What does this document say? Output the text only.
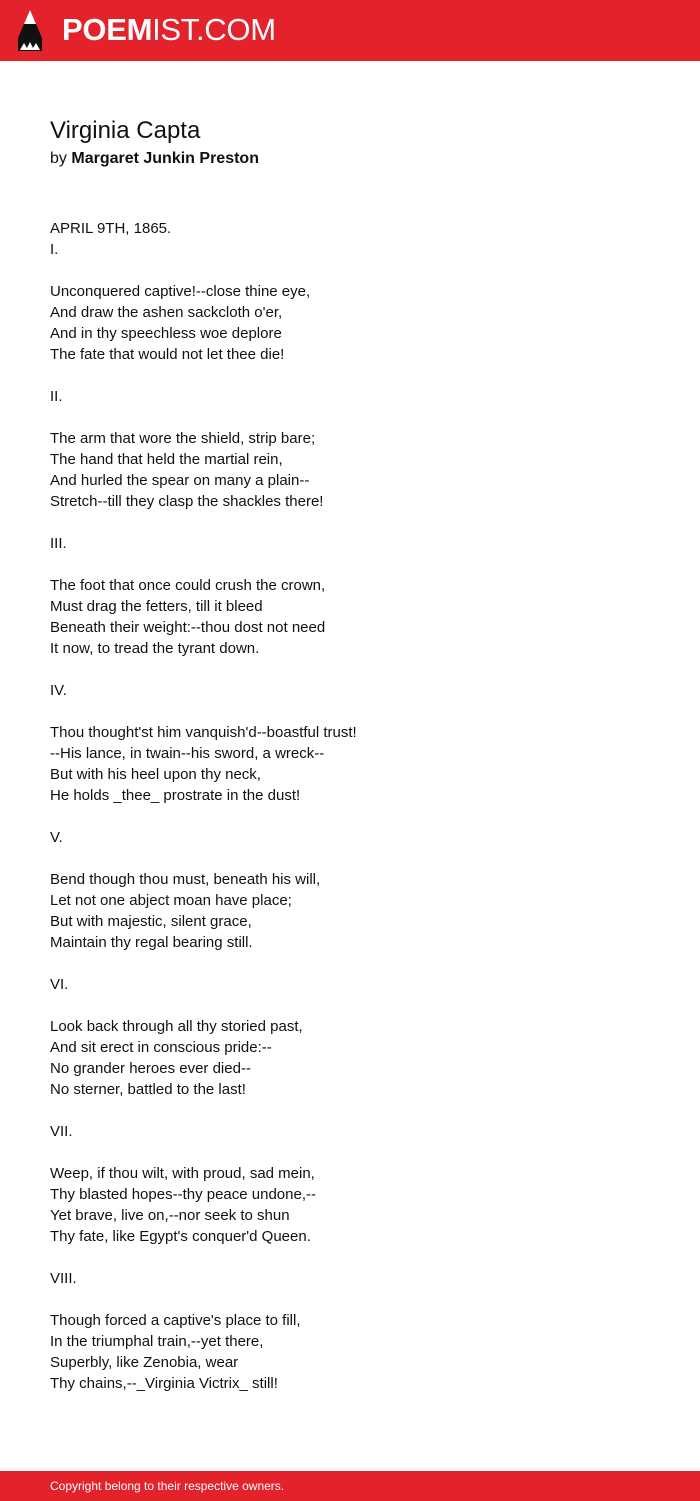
POEMIST.COM
Virginia Capta
by Margaret Junkin Preston
APRIL 9TH, 1865.
I.
Unconquered captive!--close thine eye,
And draw the ashen sackcloth o'er,
And in thy speechless woe deplore
The fate that would not let thee die!
II.
The arm that wore the shield, strip bare;
The hand that held the martial rein,
And hurled the spear on many a plain--
Stretch--till they clasp the shackles there!
III.
The foot that once could crush the crown,
Must drag the fetters, till it bleed
Beneath their weight:--thou dost not need
It now, to tread the tyrant down.
IV.
Thou thought'st him vanquish'd--boastful trust!
--His lance, in twain--his sword, a wreck--
But with his heel upon thy neck,
He holds _thee_ prostrate in the dust!
V.
Bend though thou must, beneath his will,
Let not one abject moan have place;
But with majestic, silent grace,
Maintain thy regal bearing still.
VI.
Look back through all thy storied past,
And sit erect in conscious pride:--
No grander heroes ever died--
No sterner, battled to the last!
VII.
Weep, if thou wilt, with proud, sad mein,
Thy blasted hopes--thy peace undone,--
Yet brave, live on,--nor seek to shun
Thy fate, like Egypt's conquer'd Queen.
VIII.
Though forced a captive's place to fill,
In the triumphal train,--yet there,
Superbly, like Zenobia, wear
Thy chains,--_Virginia Victrix_ still!
Copyright belong to their respective owners.
